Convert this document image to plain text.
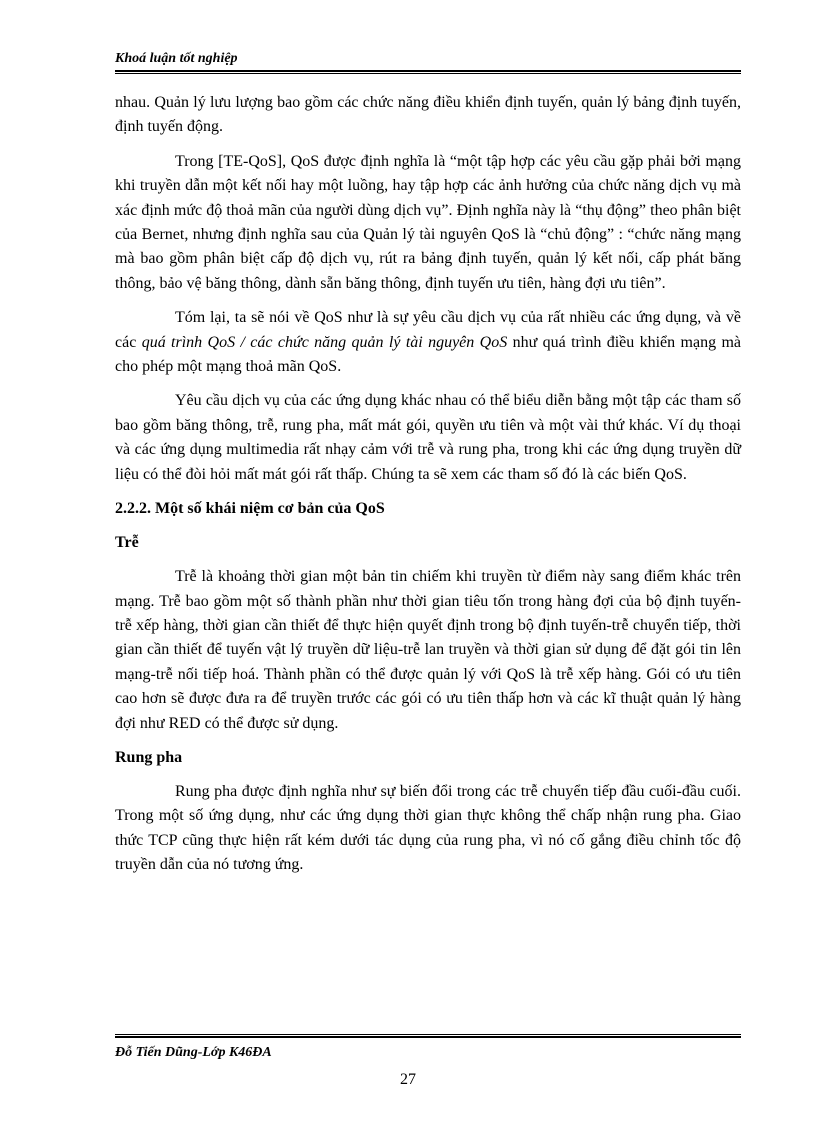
Khoá luận tốt nghiệp

nhau. Quản lý lưu lượng bao gồm các chức năng điều khiển định tuyến, quản lý bảng định tuyến, định tuyến động.

Trong [TE-QoS], QoS được định nghĩa là “một tập hợp các yêu cầu gặp phải bởi mạng khi truyền dẫn một kết nối hay một luồng, hay tập hợp các ảnh hưởng của chức năng dịch vụ mà xác định mức độ thoả mãn của người dùng dịch vụ”. Định nghĩa này là “thụ động” theo phân biệt của Bernet, nhưng định nghĩa sau của Quản lý tài nguyên QoS là “chủ động” : “chức năng mạng mà bao gồm phân biệt cấp độ dịch vụ, rút ra bảng định tuyến, quản lý kết nối, cấp phát băng thông, bảo vệ băng thông, dành sẵn băng thông, định tuyến ưu tiên, hàng đợi ưu tiên”.

Tóm lại, ta sẽ nói về QoS như là sự yêu cầu dịch vụ của rất nhiều các ứng dụng, và về các quá trình QoS / các chức năng quản lý tài nguyên QoS như quá trình điều khiển mạng mà cho phép một mạng thoả mãn QoS.

Yêu cầu dịch vụ của các ứng dụng khác nhau có thể biểu diễn bằng một tập các tham số bao gồm băng thông, trễ, rung pha, mất mát gói, quyền ưu tiên và một vài thứ khác. Ví dụ thoại và các ứng dụng multimedia rất nhạy cảm với trễ và rung pha, trong khi các ứng dụng truyền dữ liệu có thể đòi hỏi mất mát gói rất thấp. Chúng ta sẽ xem các tham số đó là các biến QoS.

2.2.2. Một số khái niệm cơ bản của QoS
Trễ

Trễ là khoảng thời gian một bản tin chiếm khi truyền từ điểm này sang điểm khác trên mạng. Trễ bao gồm một số thành phần như thời gian tiêu tốn trong hàng đợi của bộ định tuyến-trễ xếp hàng, thời gian cần thiết để thực hiện quyết định trong bộ định tuyến-trễ chuyển tiếp, thời gian cần thiết để tuyến vật lý truyền dữ liệu-trễ lan truyền và thời gian sử dụng để đặt gói tin lên mạng-trễ nối tiếp hoá. Thành phần có thể được quản lý với QoS là trễ xếp hàng. Gói có ưu tiên cao hơn sẽ được đưa ra để truyền trước các gói có ưu tiên thấp hơn và các kĩ thuật quản lý hàng đợi như RED có thể được sử dụng.

Rung pha

Rung pha được định nghĩa như sự biến đổi trong các trễ chuyển tiếp đầu cuối-đầu cuối. Trong một số ứng dụng, như các ứng dụng thời gian thực không thể chấp nhận rung pha. Giao thức TCP cũng thực hiện rất kém dưới tác dụng của rung pha, vì nó cố gắng điều chỉnh tốc độ truyền dẫn của nó tương ứng.

Đỗ Tiến Dũng-Lớp K46ĐA
27
